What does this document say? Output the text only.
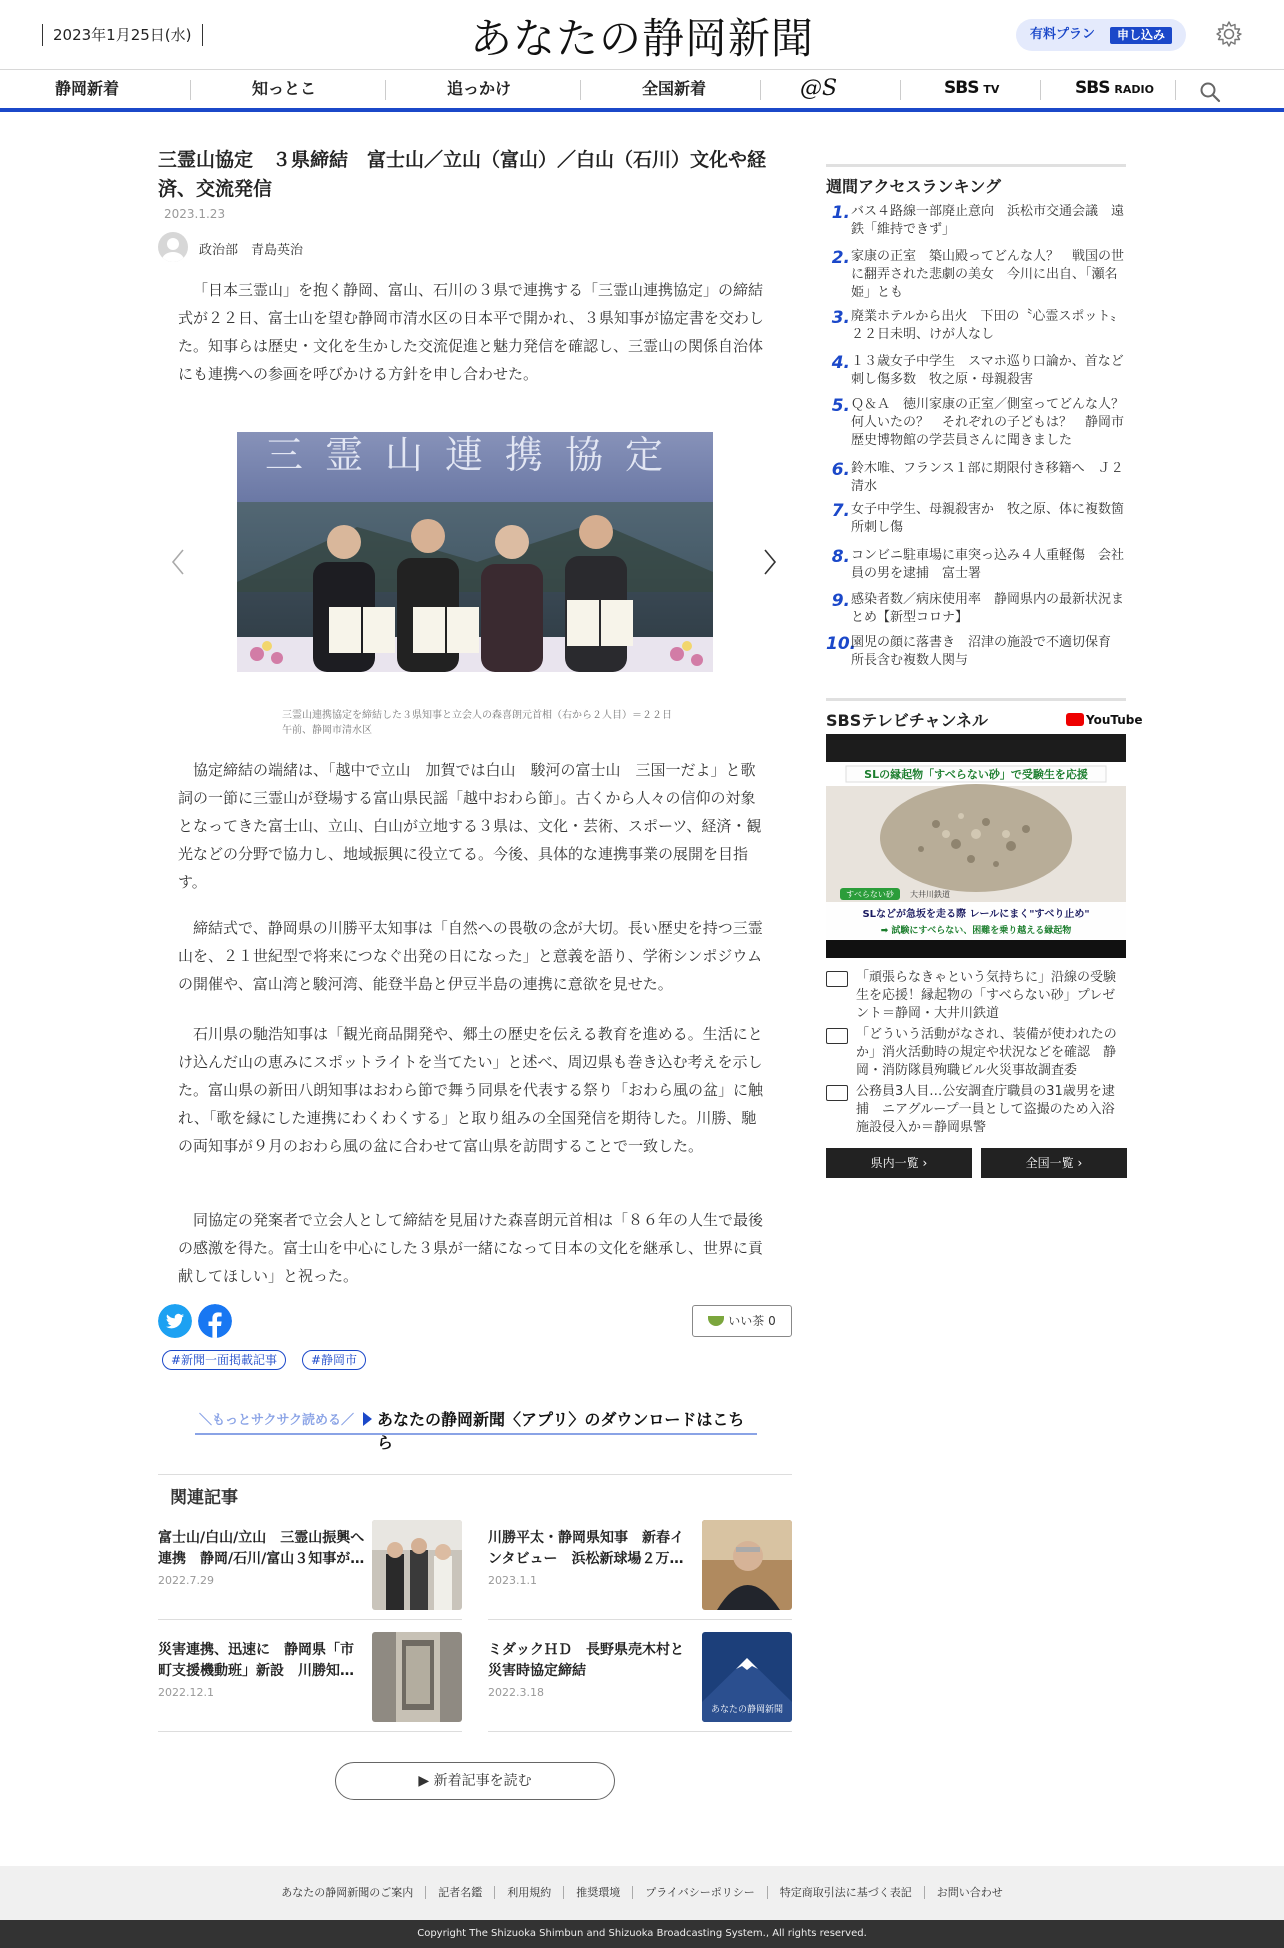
2023年1月25日(水)	あなたの静岡新聞	有料プラン	申し込み
静岡新着	知っとこ	追っかけ	全国新着	@S	SBS TV	SBS RADIO
三霊山協定　３県締結　富士山／立山（富山）／白山（石川）文化や経済、交流発信
2023.1.23
政治部　青島英治

「日本三霊山」を抱く静岡、富山、石川の３県で連携する「三霊山連携協定」の締結式が２２日、富士山を望む静岡市清水区の日本平で開かれ、３県知事が協定書を交わした。知事らは歴史・文化を生かした交流促進と魅力発信を確認し、三霊山の関係自治体にも連携への参画を呼びかける方針を申し合わせた。

三霊山連携協定
三霊山連携協定を締結した３県知事と立会人の森喜朗元首相（右から２人目）＝２２日午前、静岡市清水区

協定締結の端緒は、「越中で立山　加賀では白山　駿河の富士山　三国一だよ」と歌詞の一節に三霊山が登場する富山県民謡「越中おわら節」。古くから人々の信仰の対象となってきた富士山、立山、白山が立地する３県は、文化・芸術、スポーツ、経済・観光などの分野で協力し、地域振興に役立てる。今後、具体的な連携事業の展開を目指す。

締結式で、静岡県の川勝平太知事は「自然への畏敬の念が大切。長い歴史を持つ三霊山を、２１世紀型で将来につなぐ出発の日になった」と意義を語り、学術シンポジウムの開催や、富山湾と駿河湾、能登半島と伊豆半島の連携に意欲を見せた。

石川県の馳浩知事は「観光商品開発や、郷土の歴史を伝える教育を進める。生活にとけ込んだ山の恵みにスポットライトを当てたい」と述べ、周辺県も巻き込む考えを示した。富山県の新田八朗知事はおわら節で舞う同県を代表する祭り「おわら風の盆」に触れ、「歌を縁にした連携にわくわくする」と取り組みの全国発信を期待した。川勝、馳の両知事が９月のおわら風の盆に合わせて富山県を訪問することで一致した。

同協定の発案者で立会人として締結を見届けた森喜朗元首相は「８６年の人生で最後の感激を得た。富士山を中心にした３県が一緒になって日本の文化を継承し、世界に貢献してほしい」と祝った。

いい茶 0
#新聞一面掲載記事	#静岡市
＼もっとサクサク読める／ あなたの静岡新聞〈アプリ〉のダウンロードはこちら
関連記事
富士山/白山/立山　三霊山振興へ連携　静岡/石川/富山３知事が…
2022.7.29
川勝平太・静岡県知事　新春インタビュー　浜松新球場２万…
2023.1.1
災害連携、迅速に　静岡県「市町支援機動班」新設　川勝知…
2022.12.1
ミダックＨＤ　長野県売木村と災害時協定締結
2022.3.18
あなたの静岡新聞
▶ 新着記事を読む
週間アクセスランキング
1. バス４路線一部廃止意向　浜松市交通会議　遠鉄「維持できず」
2. 家康の正室　築山殿ってどんな人？　戦国の世に翻弄された悲劇の美女　今川に出自、「瀬名姫」とも
3. 廃業ホテルから出火　下田の〝心霊スポット〟２２日未明、けが人なし
4. １３歳女子中学生　スマホ巡り口論か、首など刺し傷多数　牧之原・母親殺害
5. Ｑ＆Ａ　徳川家康の正室／側室ってどんな人？何人いたの？　それぞれの子どもは？　静岡市歴史博物館の学芸員さんに聞きました
6. 鈴木唯、フランス１部に期限付き移籍へ　Ｊ２清水
7. 女子中学生、母親殺害か　牧之原、体に複数箇所刺し傷
8. コンビニ駐車場に車突っ込み４人重軽傷　会社員の男を逮捕　富士署
9. 感染者数／病床使用率　静岡県内の最新状況まとめ【新型コロナ】
10.
園児の顔に落書き　沼津の施設で不適切保育　所長含む複数人関与
SBSテレビチャンネル	YouTube
SLの縁起物「すべらない砂」で受験生を応援
すべらない砂 大井川鉄道
SLなどが急坂を走る際 レールにまく"すべり止め"
➡ 試験にすべらない、困難を乗り越える縁起物
「頑張らなきゃという気持ちに」沿線の受験生を応援！縁起物の「すべらない砂」プレゼント＝静岡・大井川鉄道
「どういう活動がなされ、装備が使われたのか」消火活動時の規定や状況などを確認　静岡・消防隊員殉職ビル火災事故調査委
公務員3人目…公安調査庁職員の31歳男を逮捕　ニアグループ一員として盗撮のため入浴施設侵入か＝静岡県警
県内一覧 ›	全国一覧 ›
あなたの静岡新聞のご案内 記者名鑑 利用規約 推奨環境 プライバシーポリシー 特定商取引法に基づく表記 お問い合わせ
Copyright The Shizuoka Shimbun and Shizuoka Broadcasting System., All rights reserved.
